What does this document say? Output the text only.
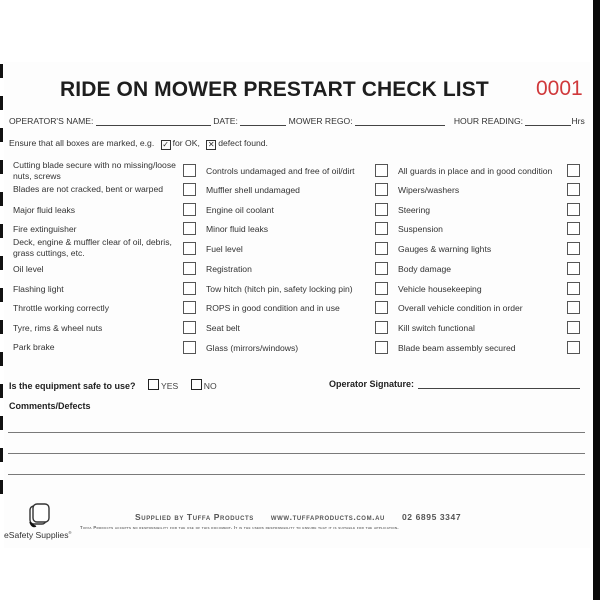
RIDE ON MOWER PRESTART CHECK LIST 0001
OPERATOR'S NAME:	DATE:	MOWER REGO:	HOUR READING:	Hrs
Ensure that all boxes are marked, e.g. ✓ for OK, ✕ defect found.
Cutting blade secure with no missing/loose nuts, screws
Blades are not cracked, bent or warped
Major fluid leaks
Fire extinguisher
Deck, engine & muffler clear of oil, debris, grass cuttings, etc.
Oil level
Flashing light
Throttle working correctly
Tyre, rims & wheel nuts
Park brake
Controls undamaged and free of oil/dirt
Muffler shell undamaged
Engine oil coolant
Minor fluid leaks
Fuel level
Registration
Tow hitch (hitch pin, safety locking pin)
ROPS in good condition and in use
Seat belt
Glass (mirrors/windows)
All guards in place and in good condition
Wipers/washers
Steering
Suspension
Gauges & warning lights
Body damage
Vehicle housekeeping
Overall vehicle condition in order
Kill switch functional
Blade beam assembly secured
Is the equipment safe to use?	YES	NO	Operator Signature:
Comments/Defects
Supplied by Tuffa Products www.tuffaproducts.com.au 02 6895 3347
Tuffa Products accepts no responsibility for the use of this document. It is the users responsibility to ensure that it is suitable for the application.
eSafety Supplies®
